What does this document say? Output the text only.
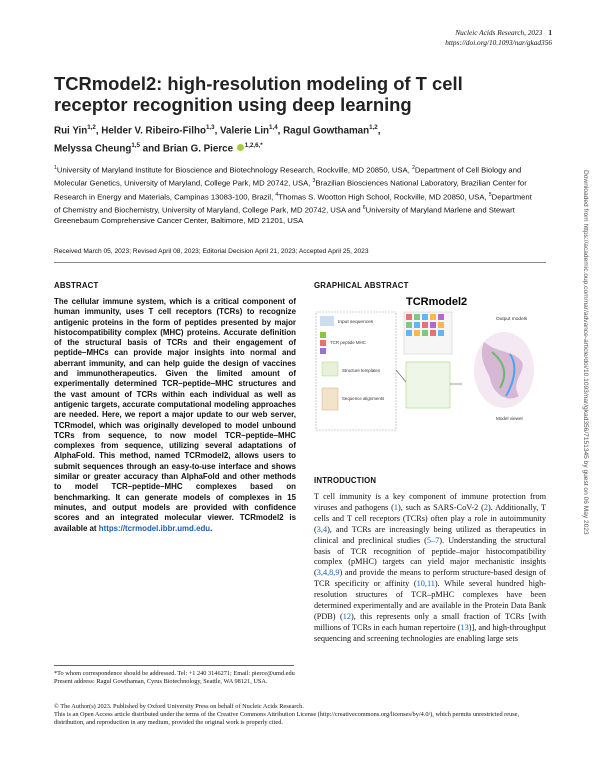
Nucleic Acids Research, 2023 1
https://doi.org/10.1093/nar/gkad356
TCRmodel2: high-resolution modeling of T cell receptor recognition using deep learning
Rui Yin$^{1,2}$, Helder V. Ribeiro-Filho$^{1,3}$, Valerie Lin$^{1,4}$, Ragul Gowthaman$^{1,2}$,
Melyssa Cheung$^{1,5}$ and Brian G. Pierce $^{1,2,6,*}$
$^1$University of Maryland Institute for Bioscience and Biotechnology Research, Rockville, MD 20850, USA, $^2$Department of Cell Biology and Molecular Genetics, University of Maryland, College Park, MD 20742, USA, $^3$Brazilian Biosciences National Laboratory, Brazilian Center for Research in Energy and Materials, Campinas 13083-100, Brazil, $^4$Thomas S. Wootton High School, Rockville, MD 20850, USA, $^5$Department of Chemistry and Biochemistry, University of Maryland, College Park, MD 20742, USA and $^6$University of Maryland Marlene and Stewart Greenebaum Comprehensive Cancer Center, Baltimore, MD 21201, USA
Received March 05, 2023; Revised April 08, 2023; Editorial Decision April 21, 2023; Accepted April 25, 2023
ABSTRACT
The cellular immune system, which is a critical component of human immunity, uses T cell receptors (TCRs) to recognize antigenic proteins in the form of peptides presented by major histocompatibility complex (MHC) proteins. Accurate definition of the structural basis of TCRs and their engagement of peptide–MHCs can provide major insights into normal and aberrant immunity, and can help guide the design of vaccines and immunotherapeutics. Given the limited amount of experimentally determined TCR–peptide–MHC structures and the vast amount of TCRs within each individual as well as antigenic targets, accurate computational modeling approaches are needed. Here, we report a major update to our web server, TCRmodel, which was originally developed to model unbound TCRs from sequence, to now model TCR–peptide–MHC complexes from sequence, utilizing several adaptations of AlphaFold. This method, named TCRmodel2, allows users to submit sequences through an easy-to-use interface and shows similar or greater accuracy than AlphaFold and other methods to model TCR–peptide–MHC complexes based on benchmarking. It can generate models of complexes in 15 minutes, and output models are provided with confidence scores and an integrated molecular viewer. TCRmodel2 is available at https://tcrmodel.ibbr.umd.edu.
GRAPHICAL ABSTRACT
TCRmodel2
Input sequences
TCR peptide MHC
Structure templates
Sequence alignments
Output models
Model viewer
INTRODUCTION
T cell immunity is a key component of immune protection from viruses and pathogens (1), such as SARS-CoV-2 (2). Additionally, T cells and T cell receptors (TCRs) often play a role in autoimmunity (3,4), and TCRs are increasingly being utilized as therapeutics in clinical and preclinical studies (5–7). Understanding the structural basis of TCR recognition of peptide–major histocompatibility complex (pMHC) targets can yield major mechanistic insights (3,4,8,9) and provide the means to perform structure-based design of TCR specificity or affinity (10,11). While several hundred high-resolution structures of TCR–pMHC complexes have been determined experimentally and are available in the Protein Data Bank (PDB) (12), this represents only a small fraction of TCRs [with millions of TCRs in each human repertoire (13)], and high-throughput sequencing and screening technologies are enabling large sets
*To whom correspondence should be addressed. Tel: +1 240 3146271; Email: pierce@umd.edu
Present address: Ragul Gowthaman, Cyrus Biotechnology, Seattle, WA 98121, USA.
© The Author(s) 2023. Published by Oxford University Press on behalf of Nucleic Acids Research.
This is an Open Access article distributed under the terms of the Creative Commons Attribution License (http://creativecommons.org/licenses/by/4.0/), which permits unrestricted reuse, distribution, and reproduction in any medium, provided the original work is properly cited.
Downloaded from https://academic.oup.com/nar/advance-article/doi/10.1093/nar/gkad356/7151345 by guest on 06 May 2023
